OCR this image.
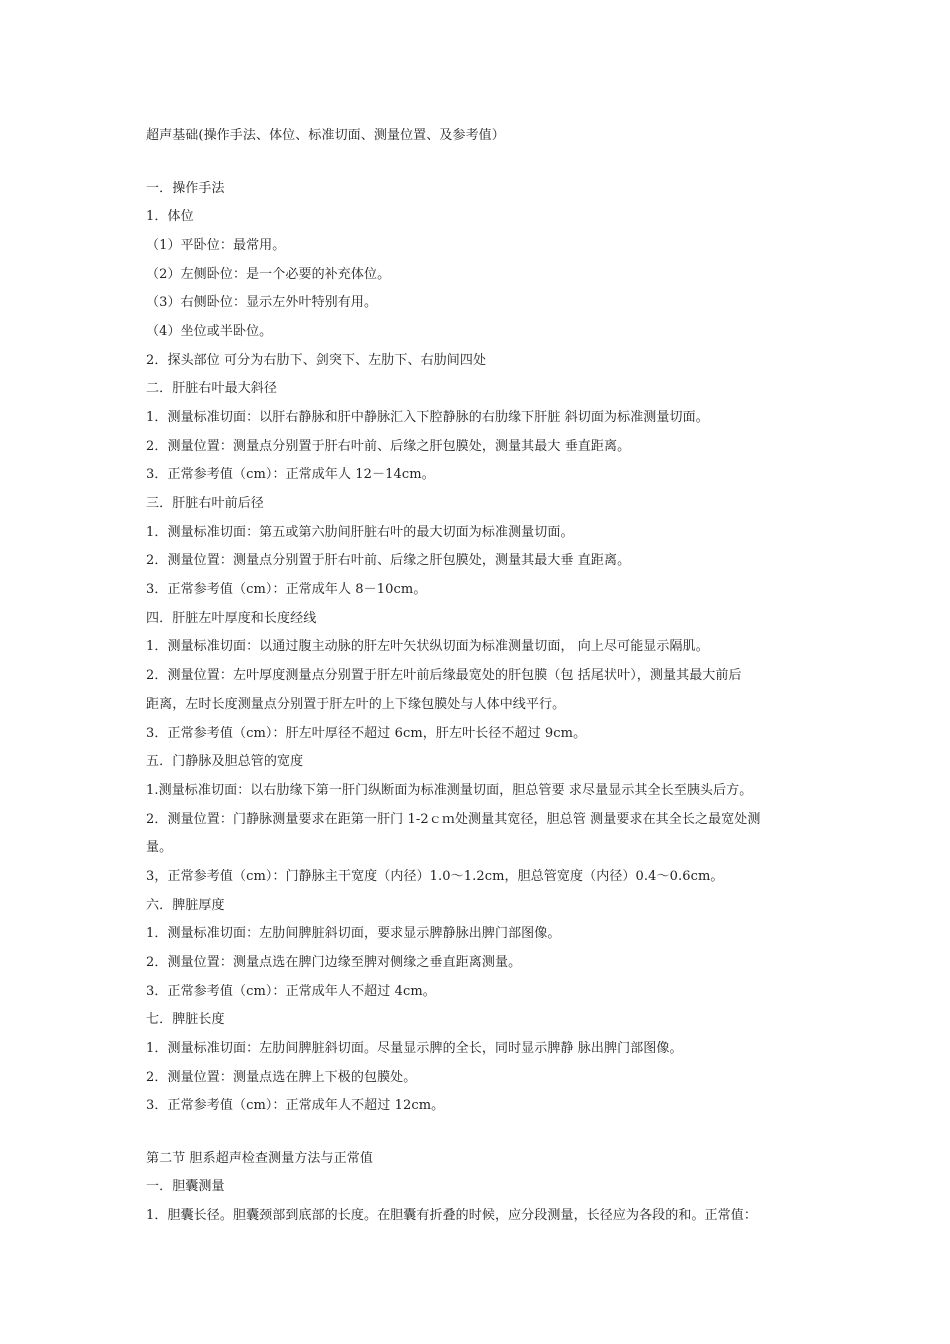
超声基础(操作手法、体位、标准切面、测量位置、及参考值）
一．操作手法
1．体位
（1）平卧位：最常用。
（2）左侧卧位：是一个必要的补充体位。
（3）右侧卧位：显示左外叶特别有用。
（4）坐位或半卧位。
2．探头部位 可分为右肋下、剑突下、左肋下、右肋间四处
二．肝脏右叶最大斜径
1．测量标准切面：以肝右静脉和肝中静脉汇入下腔静脉的右肋缘下肝脏 斜切面为标准测量切面。
2．测量位置：测量点分别置于肝右叶前、后缘之肝包膜处，测量其最大 垂直距离。
3．正常参考值（cm）：正常成年人 12－14cm。
三．肝脏右叶前后径
1．测量标准切面：第五或第六肋间肝脏右叶的最大切面为标准测量切面。
2．测量位置：测量点分别置于肝右叶前、后缘之肝包膜处，测量其最大垂 直距离。
3．正常参考值（cm）：正常成年人 8－10cm。
四．肝脏左叶厚度和长度经线
1．测量标准切面：以通过腹主动脉的肝左叶矢状纵切面为标准测量切面， 向上尽可能显示隔肌。
2．测量位置：左叶厚度测量点分别置于肝左叶前后缘最宽处的肝包膜（包 括尾状叶），测量其最大前后
距离，左时长度测量点分别置于肝左叶的上下缘包膜处与人体中线平行。
3．正常参考值（cm）：肝左叶厚径不超过 6cm，肝左叶长径不超过 9cm。
五．门静脉及胆总管的宽度
1.测量标准切面：以右肋缘下第一肝门纵断面为标准测量切面，胆总管要 求尽量显示其全长至胰头后方。
2．测量位置：门静脉测量要求在距第一肝门 1-2ｃｍ处测量其宽径，胆总管 测量要求在其全长之最宽处测
量。
3，正常参考值（cm）：门静脉主干宽度（内径）1.0～1.2cm，胆总管宽度（内径）0.4～0.6cm。
六．脾脏厚度
1．测量标准切面：左肋间脾脏斜切面，要求显示脾静脉出脾门部图像。
2．测量位置：测量点选在脾门边缘至脾对侧缘之垂直距离测量。
3．正常参考值（cm）：正常成年人不超过 4cm。
七．脾脏长度
1．测量标准切面：左肋间脾脏斜切面。尽量显示脾的全长，同时显示脾静 脉出脾门部图像。
2．测量位置：测量点选在脾上下极的包膜处。
3．正常参考值（cm）：正常成年人不超过 12cm。
第二节 胆系超声检查测量方法与正常值
一．胆囊测量
1．胆囊长径。胆囊颈部到底部的长度。在胆囊有折叠的时候，应分段测量，长径应为各段的和。正常值：
